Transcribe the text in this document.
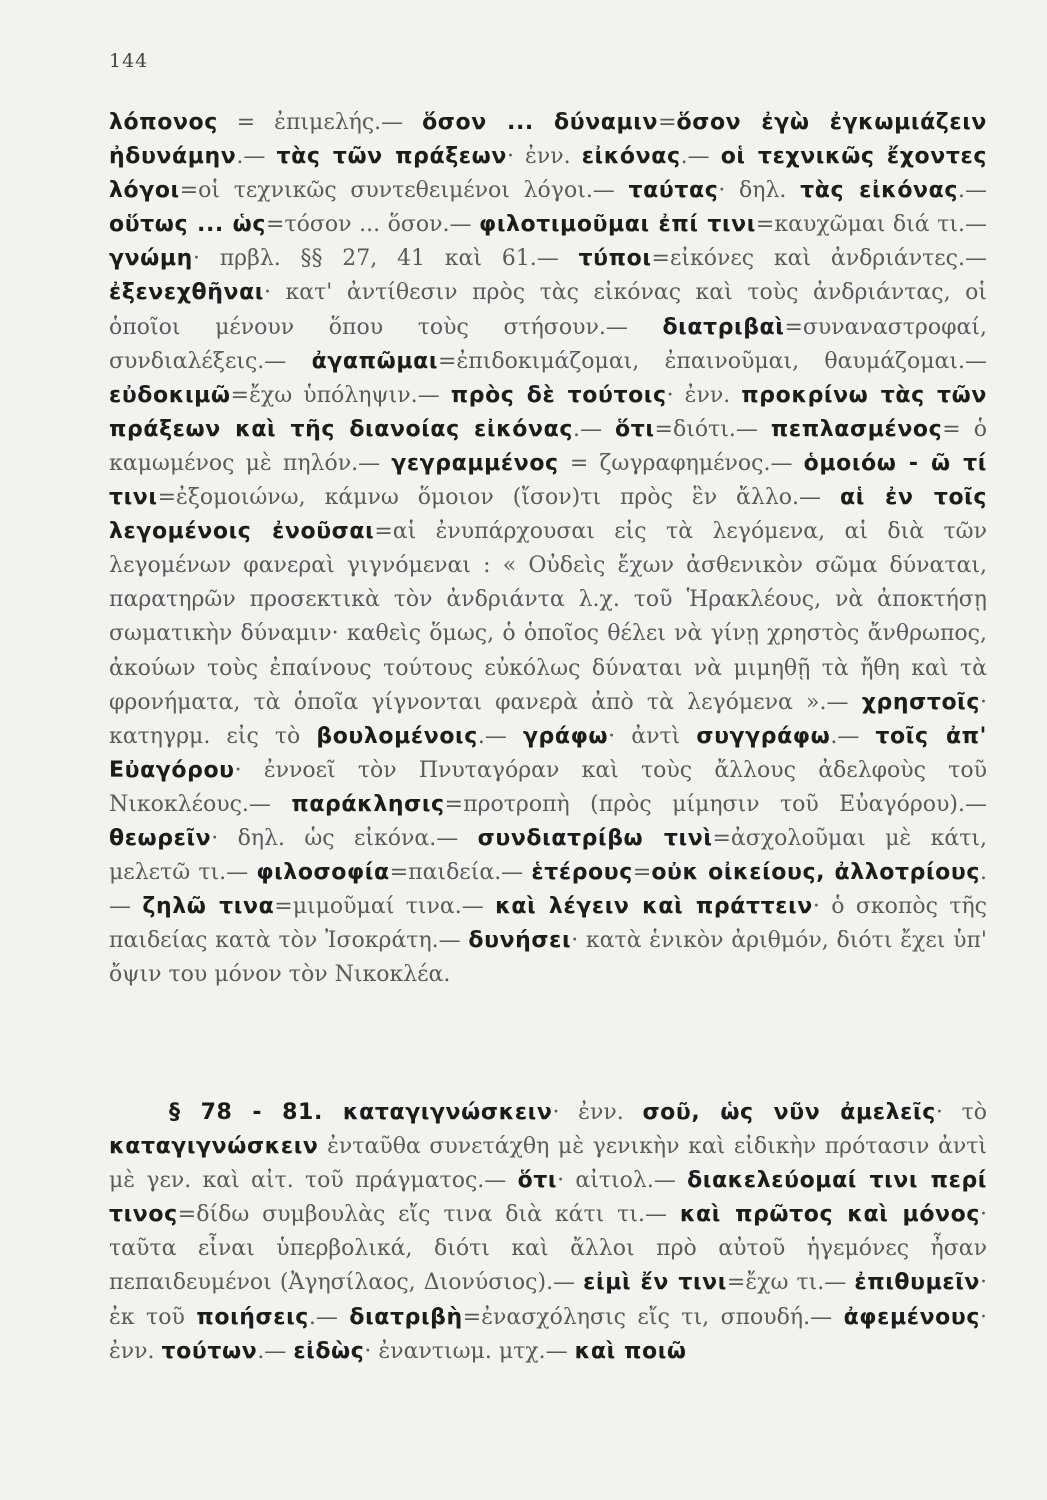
144
λόπονος = ἐπιμελής.— ὅσον ... δύναμιν=ὅσον ἐγὼ ἐγκωμιάζειν ἠδυνάμην.— τὰς τῶν πράξεων· ἐνν. εἰκόνας.— οἱ τεχνικῶς ἔχοντες λόγοι=οἱ τεχνικῶς συντεθειμένοι λόγοι.— ταύτας· δηλ. τὰς εἰκόνας.— οὕτως ... ὡς=τόσον ... ὅσον.— φιλοτιμοῦμαι ἐπί τινι=καυχῶμαι διά τι.— γνώμη· πρβλ. §§ 27, 41 καὶ 61.— τύποι=εἰκόνες καὶ ἀνδριάντες.— ἐξενεχθῆναι· κατ' ἀντίθεσιν πρὸς τὰς εἰκόνας καὶ τοὺς ἀνδριάντας, οἱ ὁποῖοι μένουν ὅπου τοὺς στήσουν.— διατριβαὶ=συναναστροφαί, συνδιαλέξεις.— ἀγαπῶμαι=ἐπιδοκιμάζομαι, ἐπαινοῦμαι, θαυμάζομαι.— εὐδοκιμῶ=ἔχω ὑπόληψιν.— πρὸς δὲ τούτοις· ἐνν. προκρίνω τὰς τῶν πράξεων καὶ τῆς διανοίας εἰκόνας.— ὅτι=διότι.— πεπλασμένος= ὁ καμωμένος μὲ πηλόν.— γεγραμμένος = ζωγραφημένος.— ὁμοιόω - ῶ τί τινι=ἐξομοιώνω, κάμνω ὅμοιον (ἴσον)τι πρὸς ἓν ἄλλο.— αἱ ἐν τοῖς λεγομένοις ἐνοῦσαι=αἱ ἐνυπάρχουσαι εἰς τὰ λεγόμενα, αἱ διὰ τῶν λεγομένων φανεραὶ γιγνόμεναι : « Οὐδεὶς ἔχων ἀσθενικὸν σῶμα δύναται, παρατηρῶν προσεκτικὰ τὸν ἀνδριάντα λ.χ. τοῦ Ἡρακλέους, νὰ ἀποκτήσῃ σωματικὴν δύναμιν· καθεὶς ὅμως, ὁ ὁποῖος θέλει νὰ γίνῃ χρηστὸς ἄνθρωπος, ἀκούων τοὺς ἐπαίνους τούτους εὐκόλως δύναται νὰ μιμηθῇ τὰ ἤθη καὶ τὰ φρονήματα, τὰ ὁποῖα γίγνονται φανερὰ ἀπὸ τὰ λεγόμενα ».— χρηστοῖς· κατηγρμ. εἰς τὸ βουλομένοις.— γράφω· ἀντὶ συγγράφω.— τοῖς ἀπ' Εὐαγόρου· ἐννοεῖ τὸν Πνυταγόραν καὶ τοὺς ἄλλους ἀδελφοὺς τοῦ Νικοκλέους.— παράκλησις=προτροπὴ (πρὸς μίμησιν τοῦ Εὐαγόρου).— θεωρεῖν· δηλ. ὡς εἰκόνα.— συνδιατρίβω τινὶ=ἀσχολοῦμαι μὲ κάτι, μελετῶ τι.— φιλοσοφία=παιδεία.— ἑτέρους=οὐκ οἰκείους, ἀλλοτρίους.— ζηλῶ τινα=μιμοῦμαί τινα.— καὶ λέγειν καὶ πράττειν· ὁ σκοπὸς τῆς παιδείας κατὰ τὸν Ἰσοκράτη.— δυνήσει· κατὰ ἑνικὸν ἀριθμόν, διότι ἔχει ὑπ' ὄψιν του μόνον τὸν Νικοκλέα.
§ 78 - 81. καταγιγνώσκειν· ἐνν. σοῦ, ὡς νῦν ἀμελεῖς· τὸ καταγιγνώσκειν ἐνταῦθα συνετάχθη μὲ γενικὴν καὶ εἰδικὴν πρότασιν ἀντὶ μὲ γεν. καὶ αἰτ. τοῦ πράγματος.— ὅτι· αἰτιολ.— διακελεύομαί τινι περί τινος=δίδω συμβουλὰς εἴς τινα διὰ κάτι τι.— καὶ πρῶτος καὶ μόνος· ταῦτα εἶναι ὑπερβολικά, διότι καὶ ἄλλοι πρὸ αὐτοῦ ἡγεμόνες ἦσαν πεπαιδευμένοι (Ἀγησίλαος, Διονύσιος).— εἰμὶ ἔν τινι=ἔχω τι.— ἐπιθυμεῖν· ἐκ τοῦ ποιήσεις.— διατριβὴ=ἐνασχόλησις εἴς τι, σπουδή.— ἀφεμένους· ἐνν. τούτων.— εἰδὼς· ἐναντιωμ. μτχ.— καὶ ποιῶ
